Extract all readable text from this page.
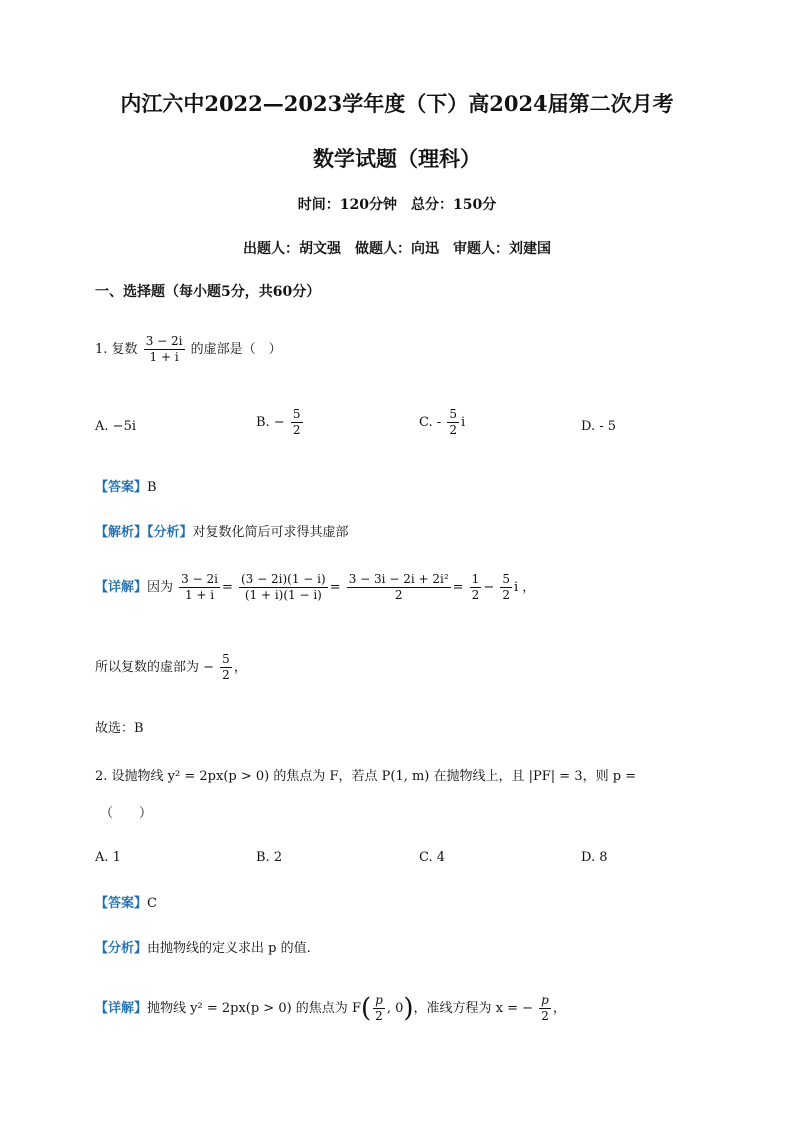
内江六中2022—2023学年度（下）高2024届第二次月考
数学试题（理科）
时间：120分钟　总分：150分
出题人：胡文强　做题人：向迅　审题人：刘建国
一、选择题（每小题5分，共60分）
1. 复数 $\frac{3 - 2i}{1 + i}$ 的虚部是（　）
A. −5i	B. − $\frac{5}{2}$	C. - $\frac{5}{2}$ i	D. - 5
【答案】B
【解析】【分析】对复数化简后可求得其虚部
【详解】因为 $\frac{3 - 2i}{1 + i} = \frac{(3 - 2i)(1 - i)}{(1 + i)(1 - i)} = \frac{\text{3 − 3i − 2i + 2i²}}{2} = \frac{1}{2} - \frac{5}{2}$ i ，
所以复数的虚部为 − $\frac{5}{2}$ ，
故选：B
2. 设抛物线 y² = 2px(p > 0) 的焦点为 F，若点 P(1, m) 在抛物线上，且 |PF| = 3，则 p =
（　　）
A. 1	B. 2	C. 4	D. 8
【答案】C
【分析】由抛物线的定义求出 p 的值.
【详解】抛物线 y² = 2px(p > 0) 的焦点为 $F( \frac{p}{2}$ , 0)，准线方程为 x = − $\frac{p}{2}$ ，
